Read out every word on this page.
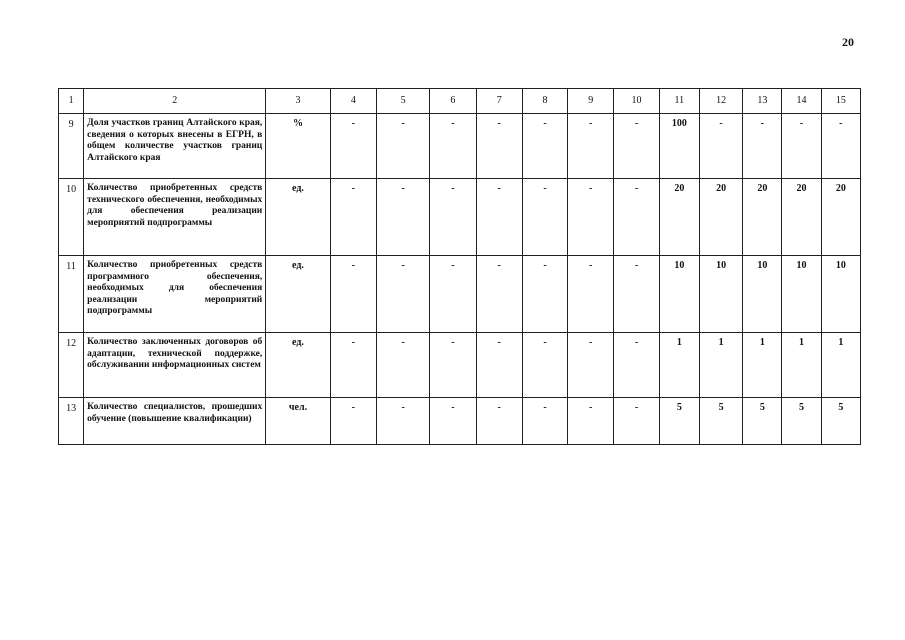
20
1	2	3	4	5	6	7	8	9	10	11	12	13	14	15
9	Доля участков границ Алтайского края, сведения о которых внесены в ЕГРН, в общем количестве участков границ Алтайского края	%	-	-	-	-	-	-	-	100	-	-	-	-
10	Количество приобретенных средств технического обеспечения, необходимых для обеспечения реализации мероприятий подпрограммы	ед.	-	-	-	-	-	-	-	20	20	20	20	20
11	Количество приобретенных средств программного обеспечения, необходимых для обеспечения реализации мероприятий подпрограммы	ед.	-	-	-	-	-	-	-	10	10	10	10	10
12	Количество заключенных договоров об адаптации, технической поддержке, обслуживании информационных систем	ед.	-	-	-	-	-	-	-	1	1	1	1	1
13	Количество специалистов, прошедших обучение (повышение квалификации)	чел.	-	-	-	-	-	-	-	5	5	5	5	5
